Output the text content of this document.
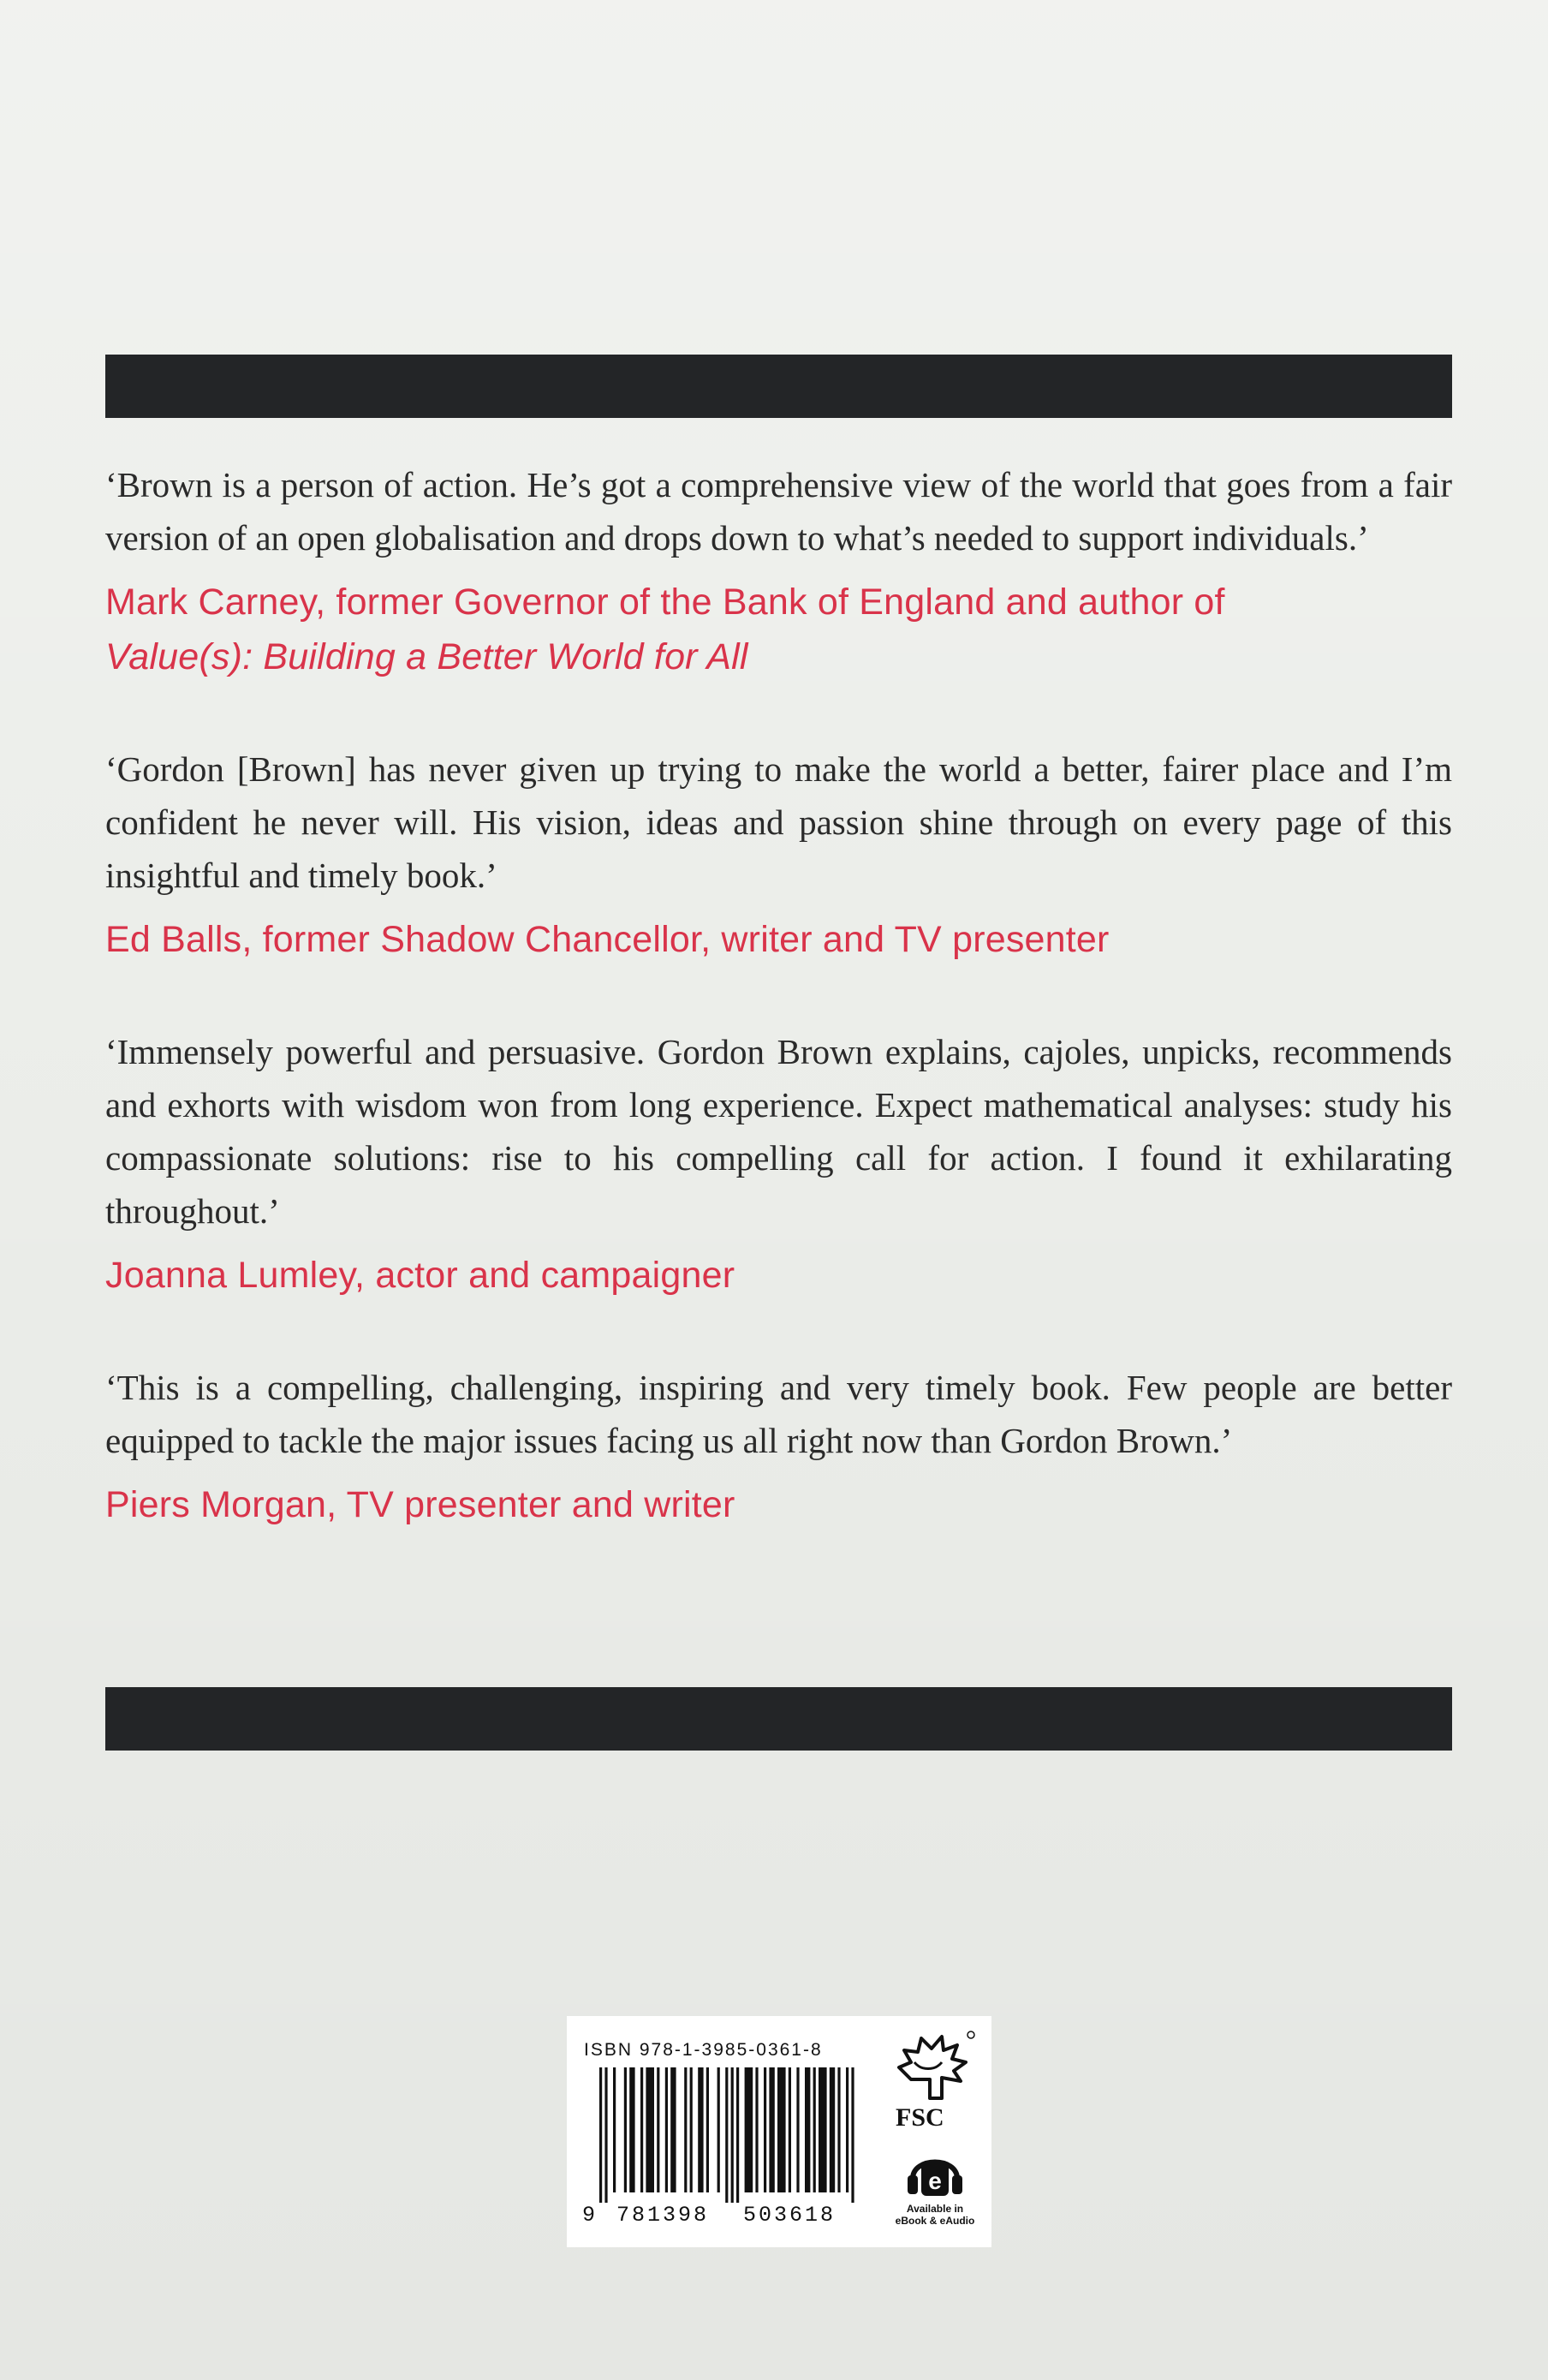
‘Brown is a person of action. He’s got a comprehensive view of the world that goes from a fair version of an open globalisation and drops down to what’s needed to support individuals.’

Mark Carney, former Governor of the Bank of England and author of
Value(s): Building a Better World for All

‘Gordon [Brown] has never given up trying to make the world a better, fairer place and I’m confident he never will. His vision, ideas and passion shine through on every page of this insightful and timely book.’

Ed Balls, former Shadow Chancellor, writer and TV presenter

‘Immensely powerful and persuasive. Gordon Brown explains, cajoles, unpicks, recommends and exhorts with wisdom won from long experience. Expect mathematical analyses: study his compassionate solutions: rise to his compelling call for action. I found it exhilarating throughout.’

Joanna Lumley, actor and campaigner

‘This is a compelling, challenging, inspiring and very timely book. Few people are better equipped to tackle the major issues facing us all right now than Gordon Brown.’

Piers Morgan, TV presenter and writer

ISBN 978-1-3985-0361-8
9 781398 503618
FSC
e
Available in
eBook & eAudio
